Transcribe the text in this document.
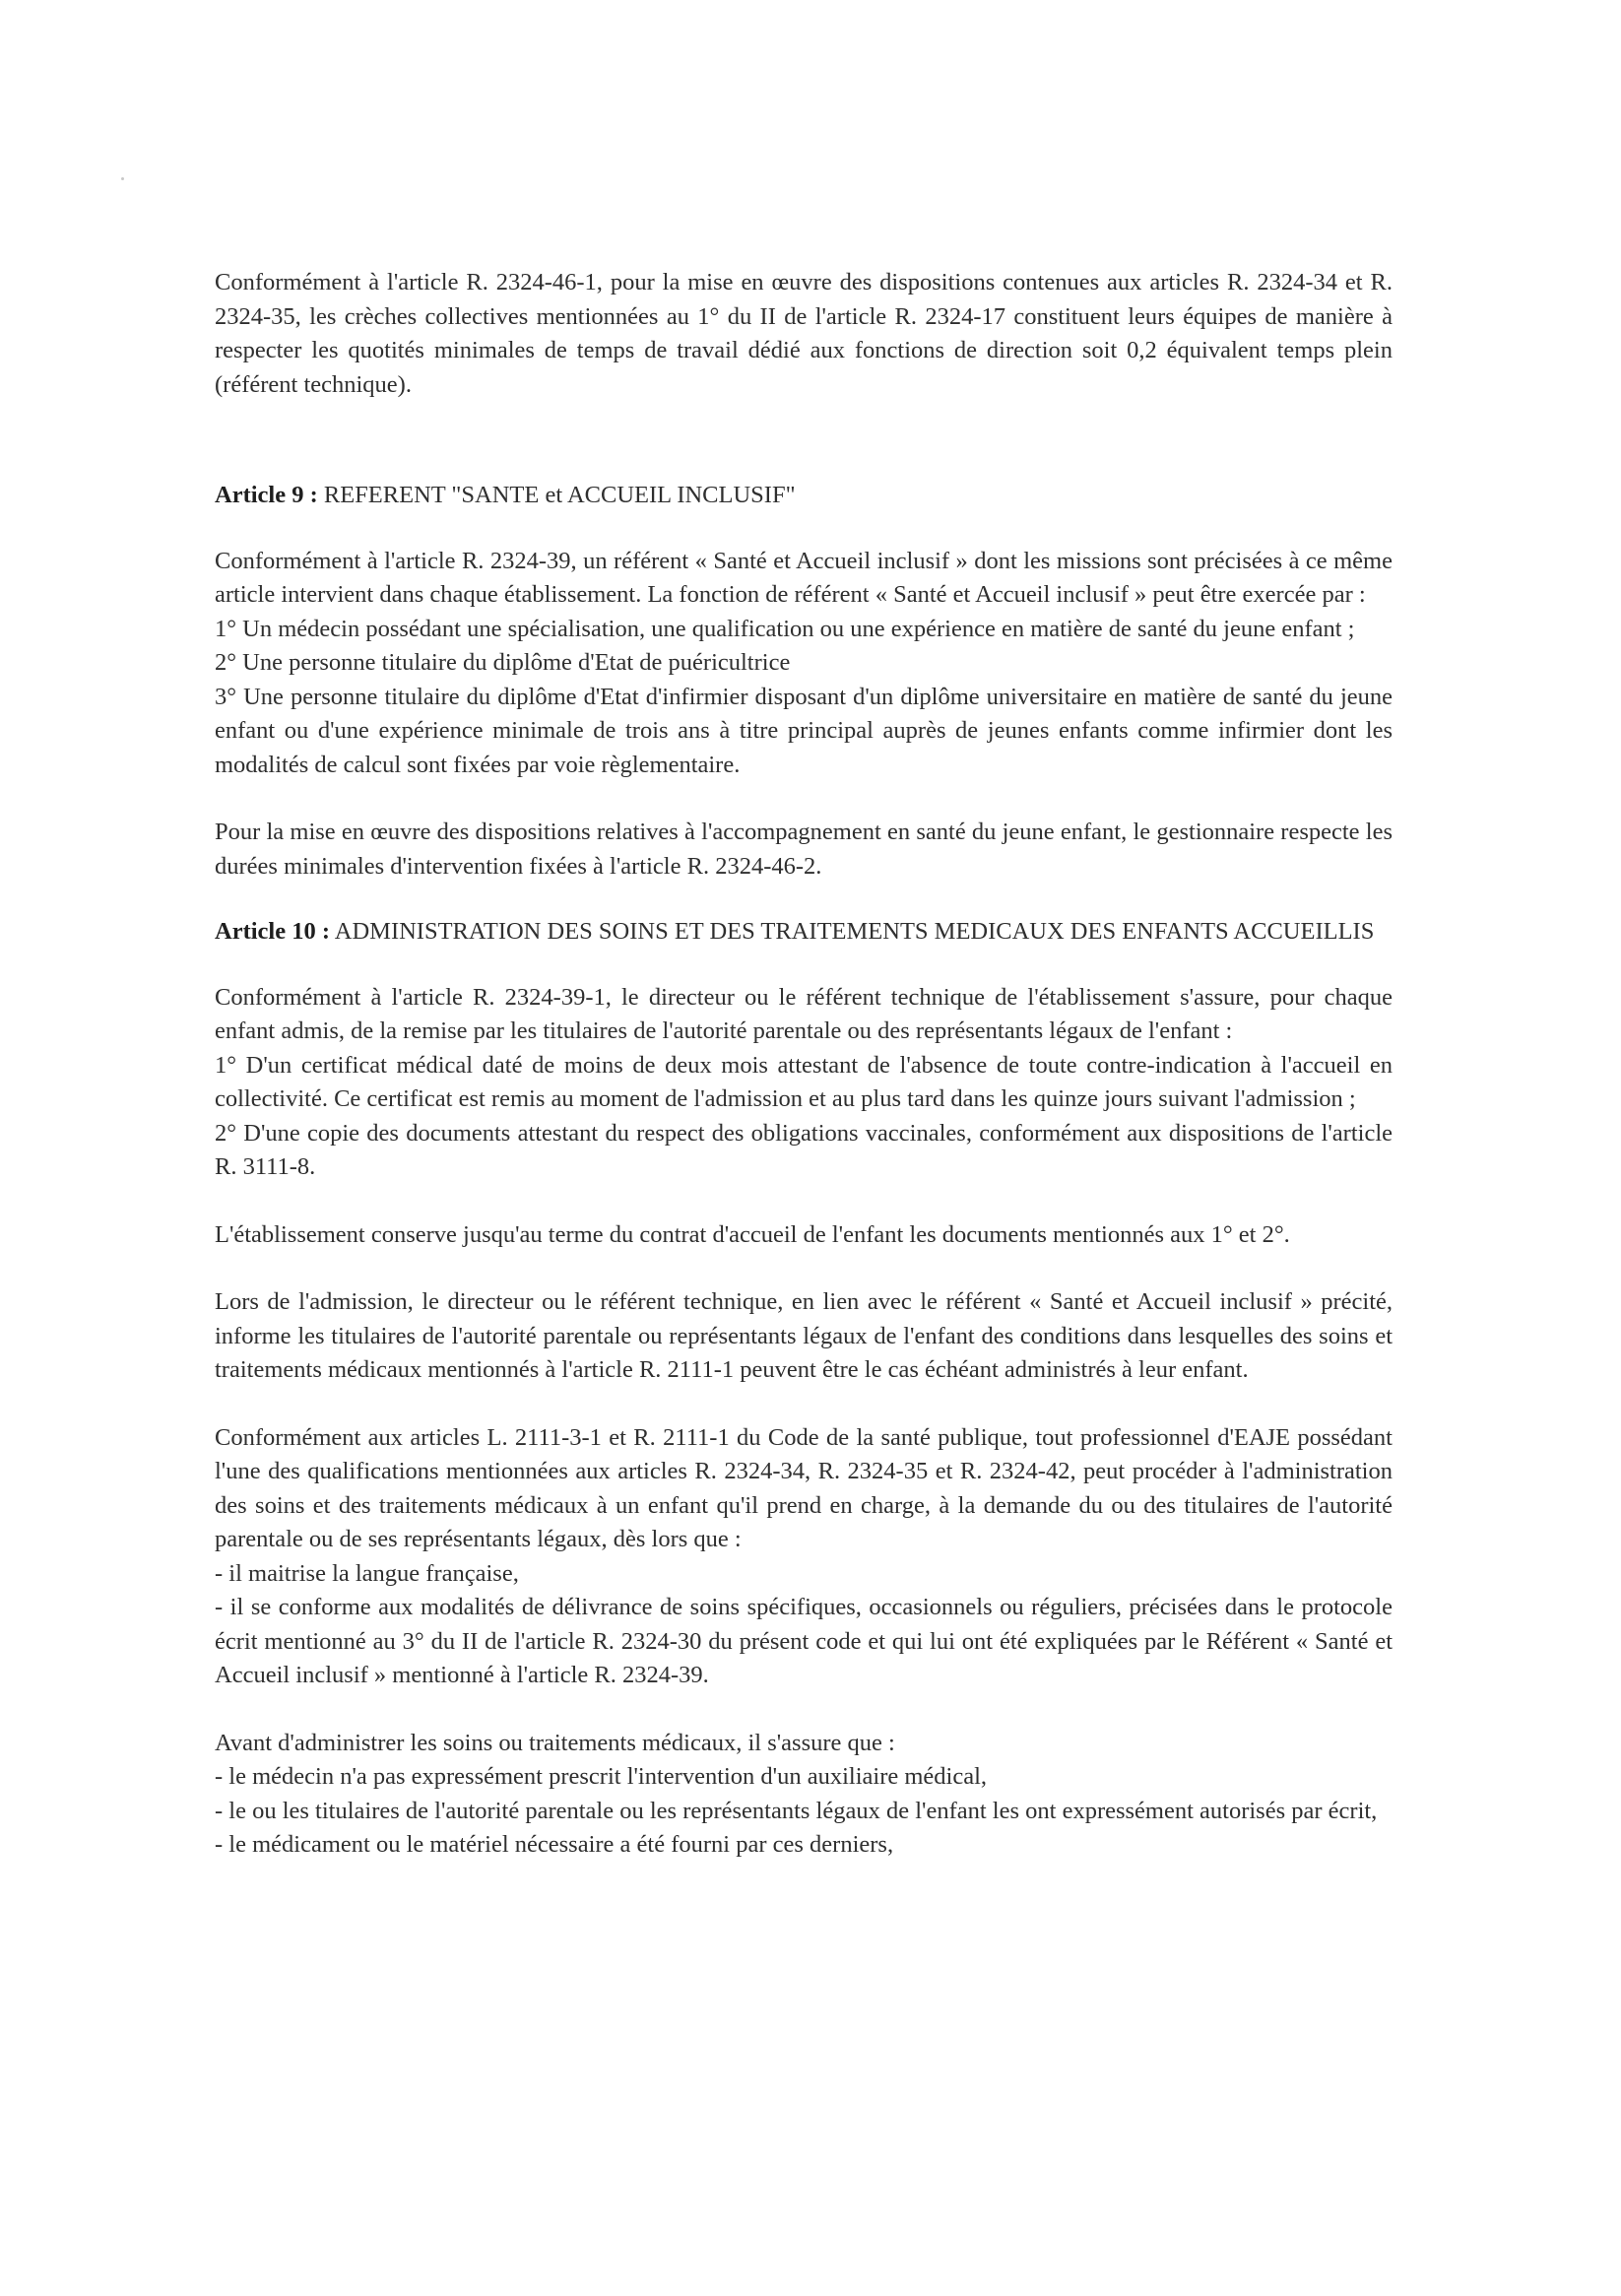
Conformément à l'article R. 2324-46-1, pour la mise en œuvre des dispositions contenues aux articles R. 2324-34 et R. 2324-35, les crèches collectives mentionnées au 1° du II de l'article R. 2324-17 constituent leurs équipes de manière à respecter les quotités minimales de temps de travail dédié aux fonctions de direction soit 0,2 équivalent temps plein (référent technique).

Article 9 : REFERENT "SANTE et ACCUEIL INCLUSIF"

Conformément à l'article R. 2324-39, un référent « Santé et Accueil inclusif » dont les missions sont précisées à ce même article intervient dans chaque établissement. La fonction de référent « Santé et Accueil inclusif » peut être exercée par :
1° Un médecin possédant une spécialisation, une qualification ou une expérience en matière de santé du jeune enfant ;
2° Une personne titulaire du diplôme d'Etat de puéricultrice
3° Une personne titulaire du diplôme d'Etat d'infirmier disposant d'un diplôme universitaire en matière de santé du jeune enfant ou d'une expérience minimale de trois ans à titre principal auprès de jeunes enfants comme infirmier dont les modalités de calcul sont fixées par voie règlementaire.
Pour la mise en œuvre des dispositions relatives à l'accompagnement en santé du jeune enfant, le gestionnaire respecte les durées minimales d'intervention fixées à l'article R. 2324-46-2.

Article 10 : ADMINISTRATION DES SOINS ET DES TRAITEMENTS MEDICAUX DES ENFANTS ACCUEILLIS

Conformément à l'article R. 2324-39-1, le directeur ou le référent technique de l'établissement s'assure, pour chaque enfant admis, de la remise par les titulaires de l'autorité parentale ou des représentants légaux de l'enfant :
1° D'un certificat médical daté de moins de deux mois attestant de l'absence de toute contre-indication à l'accueil en collectivité. Ce certificat est remis au moment de l'admission et au plus tard dans les quinze jours suivant l'admission ;
2° D'une copie des documents attestant du respect des obligations vaccinales, conformément aux dispositions de l'article R. 3111-8.
L'établissement conserve jusqu'au terme du contrat d'accueil de l'enfant les documents mentionnés aux 1° et 2°.
Lors de l'admission, le directeur ou le référent technique, en lien avec le référent « Santé et Accueil inclusif » précité, informe les titulaires de l'autorité parentale ou représentants légaux de l'enfant des conditions dans lesquelles des soins et traitements médicaux mentionnés à l'article R. 2111-1 peuvent être le cas échéant administrés à leur enfant.
Conformément aux articles L. 2111-3-1 et R. 2111-1 du Code de la santé publique, tout professionnel d'EAJE possédant l'une des qualifications mentionnées aux articles R. 2324-34, R. 2324-35 et R. 2324-42, peut procéder à l'administration des soins et des traitements médicaux à un enfant qu'il prend en charge, à la demande du ou des titulaires de l'autorité parentale ou de ses représentants légaux, dès lors que :
- il maitrise la langue française,
- il se conforme aux modalités de délivrance de soins spécifiques, occasionnels ou réguliers, précisées dans le protocole écrit mentionné au 3° du II de l'article R. 2324-30 du présent code et qui lui ont été expliquées par le Référent « Santé et Accueil inclusif » mentionné à l'article R. 2324-39.
Avant d'administrer les soins ou traitements médicaux, il s'assure que :
- le médecin n'a pas expressément prescrit l'intervention d'un auxiliaire médical,
- le ou les titulaires de l'autorité parentale ou les représentants légaux de l'enfant les ont expressément autorisés par écrit,
- le médicament ou le matériel nécessaire a été fourni par ces derniers,
